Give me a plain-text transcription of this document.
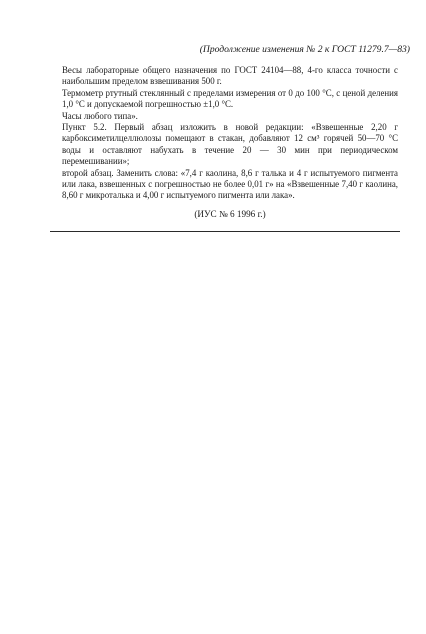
(Продолжение изменения № 2 к ГОСТ 11279.7—83)

Весы лабораторные общего назначения по ГОСТ 24104—88, 4-го класса точности с наибольшим пределом взвешивания 500 г.

Термометр ртутный стеклянный с пределами измерения от 0 до 100 °С, с ценой деления 1,0 °С и допускаемой погрешностью ±1,0 °С.

Часы любого типа».

Пункт 5.2. Первый абзац изложить в новой редакции: «Взвешенные 2,20 г карбоксиметилцеллюлозы помещают в стакан, добавляют 12 см³ горячей 50—70 °С воды и оставляют набухать в течение 20 — 30 мин при периодическом перемешивании»;

второй абзац. Заменить слова: «7,4 г каолина, 8,6 г талька и 4 г испытуемого пигмента или лака, взвешенных с погрешностью не более 0,01 г» на «Взвешенные 7,40 г каолина, 8,60 г микроталька и 4,00 г испытуемого пигмента или лака».

(ИУС № 6 1996 г.)
